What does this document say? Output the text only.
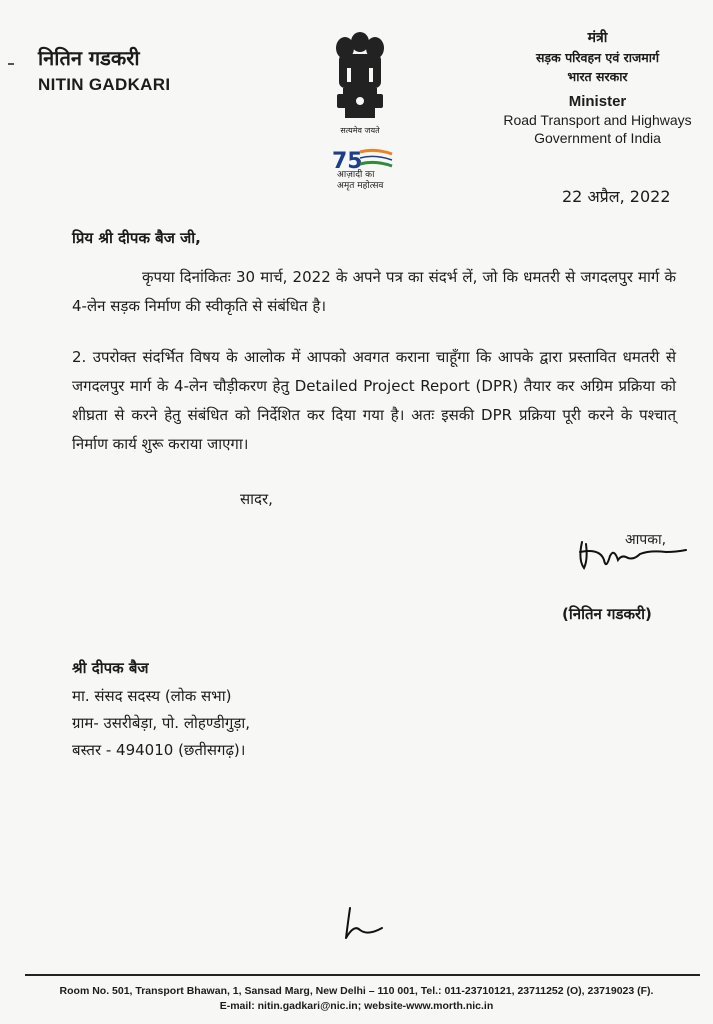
नितिन गडकरी
NITIN GADKARI
सत्यमेव जयते
75
आज़ादी का
अमृत महोत्सव
मंत्री
सड़क परिवहन एवं राजमार्ग
भारत सरकार
Minister
Road Transport and Highways
Government of India
22 अप्रैल, 2022
प्रिय श्री दीपक बैज जी,
कृपया दिनांकितः 30 मार्च, 2022 के अपने पत्र का संदर्भ लें, जो कि धमतरी से जगदलपुर मार्ग के 4-लेन सड़क निर्माण की स्वीकृति से संबंधित है।
2. उपरोक्त संदर्भित विषय के आलोक में आपको अवगत कराना चाहूँगा कि आपके द्वारा प्रस्तावित धमतरी से जगदलपुर मार्ग के 4-लेन चौड़ीकरण हेतु Detailed Project Report (DPR) तैयार कर अग्रिम प्रक्रिया को शीघ्रता से करने हेतु संबंधित को निर्देशित कर दिया गया है। अतः इसकी DPR प्रक्रिया पूरी करने के पश्चात् निर्माण कार्य शुरू कराया जाएगा।
सादर,
आपका,
(नितिन गडकरी)
श्री दीपक बैज
मा. संसद सदस्य (लोक सभा)
ग्राम- उसरीबेड़ा, पो. लोहण्डीगुड़ा,
बस्तर - 494010 (छतीसगढ़)।
Room No. 501, Transport Bhawan, 1, Sansad Marg, New Delhi – 110 001, Tel.: 011-23710121, 23711252 (O), 23719023 (F).
E-mail: nitin.gadkari@nic.in; website-www.morth.nic.in
